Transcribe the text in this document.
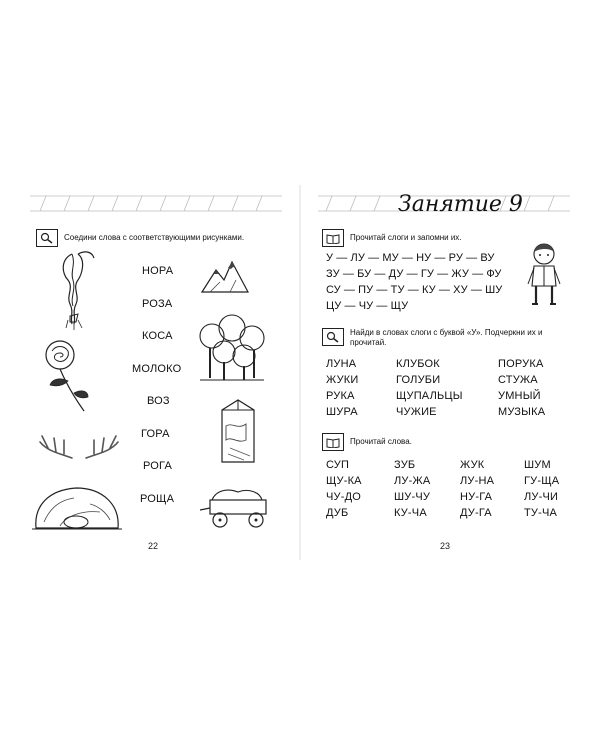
Соедини слова с соответствующими рисунками.
НОРА
РОЗА
КОСА
МОЛОКО
ВОЗ
ГОРА
РОГА
РОЩА
22
Занятие 9
Прочитай слоги и запомни их.
У — ЛУ — МУ — НУ — РУ — ВУ
ЗУ — БУ — ДУ — ГУ — ЖУ — ФУ
СУ — ПУ — ТУ — КУ — ХУ — ШУ
ЦУ — ЧУ — ЩУ
Найди в словах слоги с буквой «У». Подчеркни их и прочитай.
ЛУНА	КЛУБОК	ПОРУКА
ЖУКИ	ГОЛУБИ	СТУЖА
РУКА	ЩУПАЛЬЦЫ	УМНЫЙ
ШУРА	ЧУЖИЕ	МУЗЫКА
Прочитай слова.
СУП	ЗУБ	ЖУК	ШУМ
ЩУ-КА	ЛУ-ЖА	ЛУ-НА	ГУ-ЩА
ЧУ-ДО	ШУ-ЧУ	НУ-ГА	ЛУ-ЧИ
ДУБ	КУ-ЧА	ДУ-ГА	ТУ-ЧА
23
